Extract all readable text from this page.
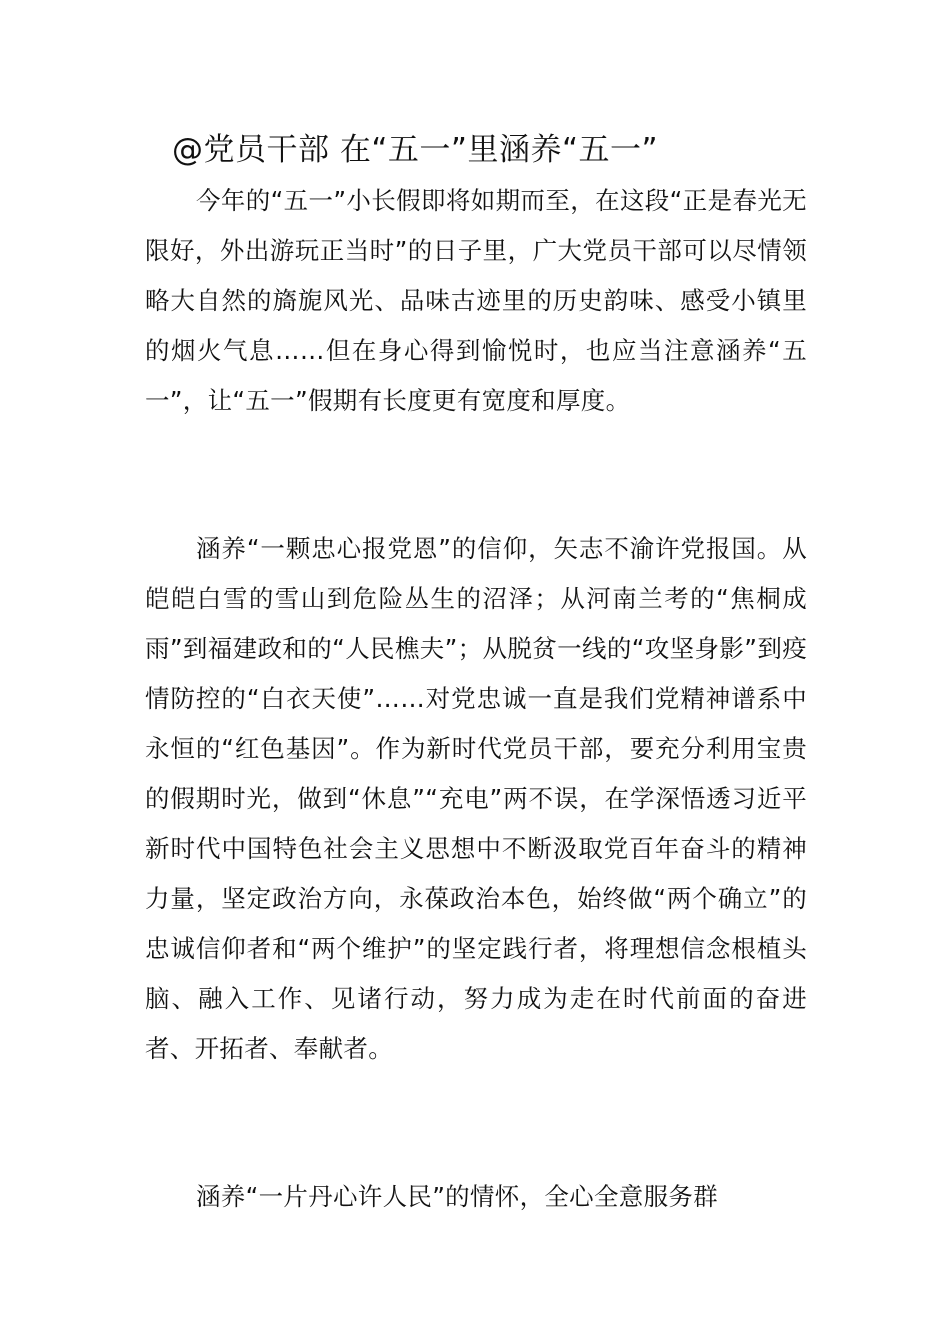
@党员干部 在“五一”里涵养“五一”

今年的“五一”小长假即将如期而至，在这段“正是春光无限好，外出游玩正当时”的日子里，广大党员干部可以尽情领略大自然的旖旎风光、品味古迹里的历史韵味、感受小镇里的烟火气息……但在身心得到愉悦时，也应当注意涵养“五一”，让“五一”假期有长度更有宽度和厚度。

涵养“一颗忠心报党恩”的信仰，矢志不渝许党报国。从皑皑白雪的雪山到危险丛生的沼泽；从河南兰考的“焦桐成雨”到福建政和的“人民樵夫”；从脱贫一线的“攻坚身影”到疫情防控的“白衣天使”……对党忠诚一直是我们党精神谱系中永恒的“红色基因”。作为新时代党员干部，要充分利用宝贵的假期时光，做到“休息”“充电”两不误，在学深悟透习近平新时代中国特色社会主义思想中不断汲取党百年奋斗的精神力量，坚定政治方向，永葆政治本色，始终做“两个确立”的忠诚信仰者和“两个维护”的坚定践行者，将理想信念根植头脑、融入工作、见诸行动，努力成为走在时代前面的奋进者、开拓者、奉献者。

涵养“一片丹心许人民”的情怀，全心全意服务群
